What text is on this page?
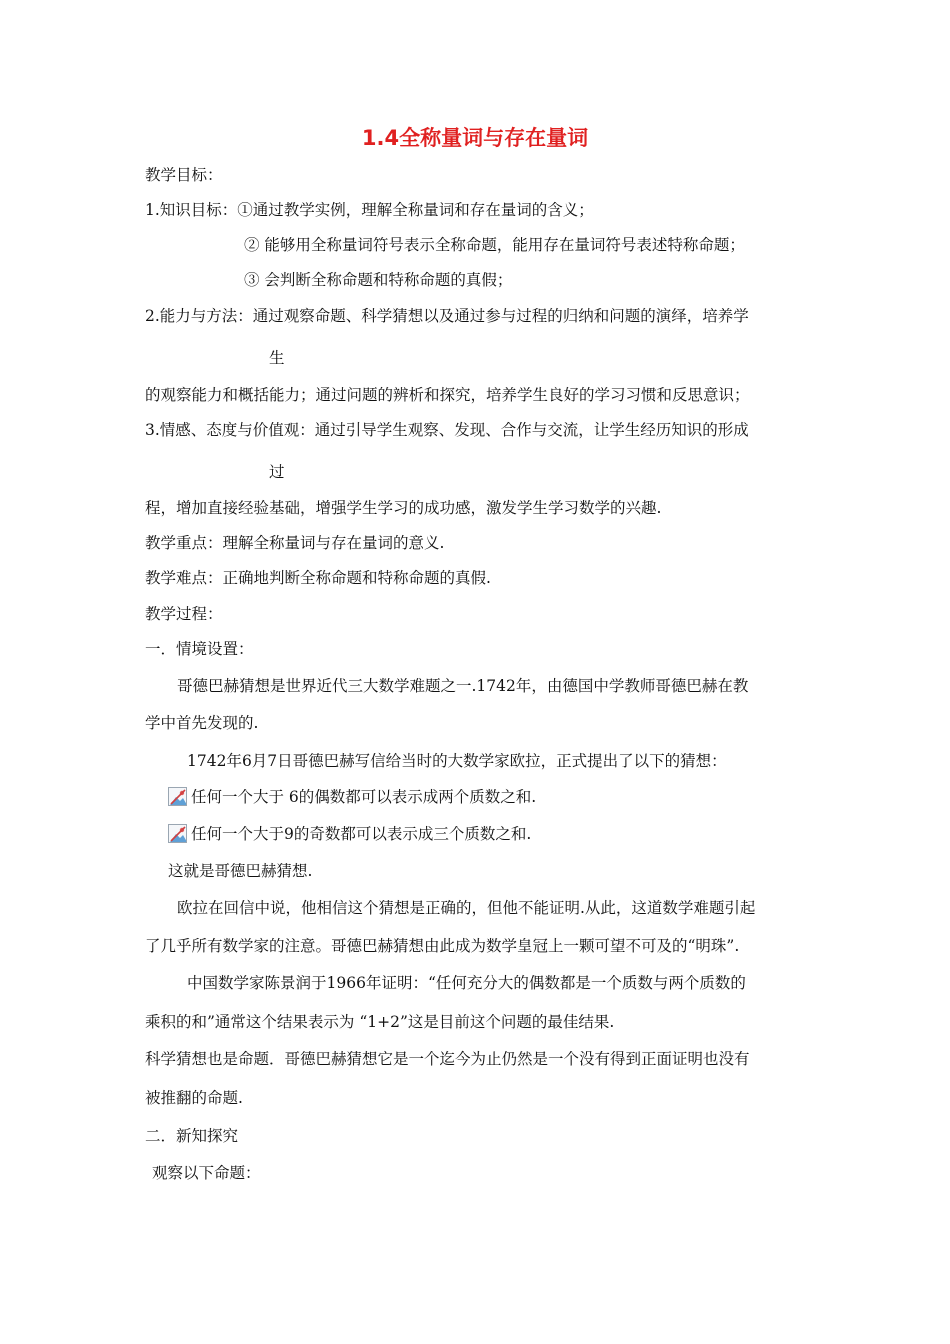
1.4全称量词与存在量词
教学目标：
1.知识目标：①通过教学实例，理解全称量词和存在量词的含义；
② 能够用全称量词符号表示全称命题，能用存在量词符号表述特称命题；
③ 会判断全称命题和特称命题的真假；
2.能力与方法：通过观察命题、科学猜想以及通过参与过程的归纳和问题的演绎，培养学
生
的观察能力和概括能力；通过问题的辨析和探究，培养学生良好的学习习惯和反思意识；
3.情感、态度与价值观：通过引导学生观察、发现、合作与交流，让学生经历知识的形成
过
程，增加直接经验基础，增强学生学习的成功感，激发学生学习数学的兴趣.
教学重点：理解全称量词与存在量词的意义.
教学难点：正确地判断全称命题和特称命题的真假.
教学过程：
一．情境设置：
哥德巴赫猜想是世界近代三大数学难题之一.1742年，由德国中学教师哥德巴赫在教
学中首先发现的.
1742年6月7日哥德巴赫写信给当时的大数学家欧拉，正式提出了以下的猜想：
任何一个大于 6的偶数都可以表示成两个质数之和.
任何一个大于9的奇数都可以表示成三个质数之和.
这就是哥德巴赫猜想.
欧拉在回信中说，他相信这个猜想是正确的，但他不能证明.从此，这道数学难题引起
了几乎所有数学家的注意。哥德巴赫猜想由此成为数学皇冠上一颗可望不可及的“明珠”.
中国数学家陈景润于1966年证明：“任何充分大的偶数都是一个质数与两个质数的
乘积的和”通常这个结果表示为 “1+2”这是目前这个问题的最佳结果.
科学猜想也是命题．哥德巴赫猜想它是一个迄今为止仍然是一个没有得到正面证明也没有
被推翻的命题.
二．新知探究
观察以下命题：
